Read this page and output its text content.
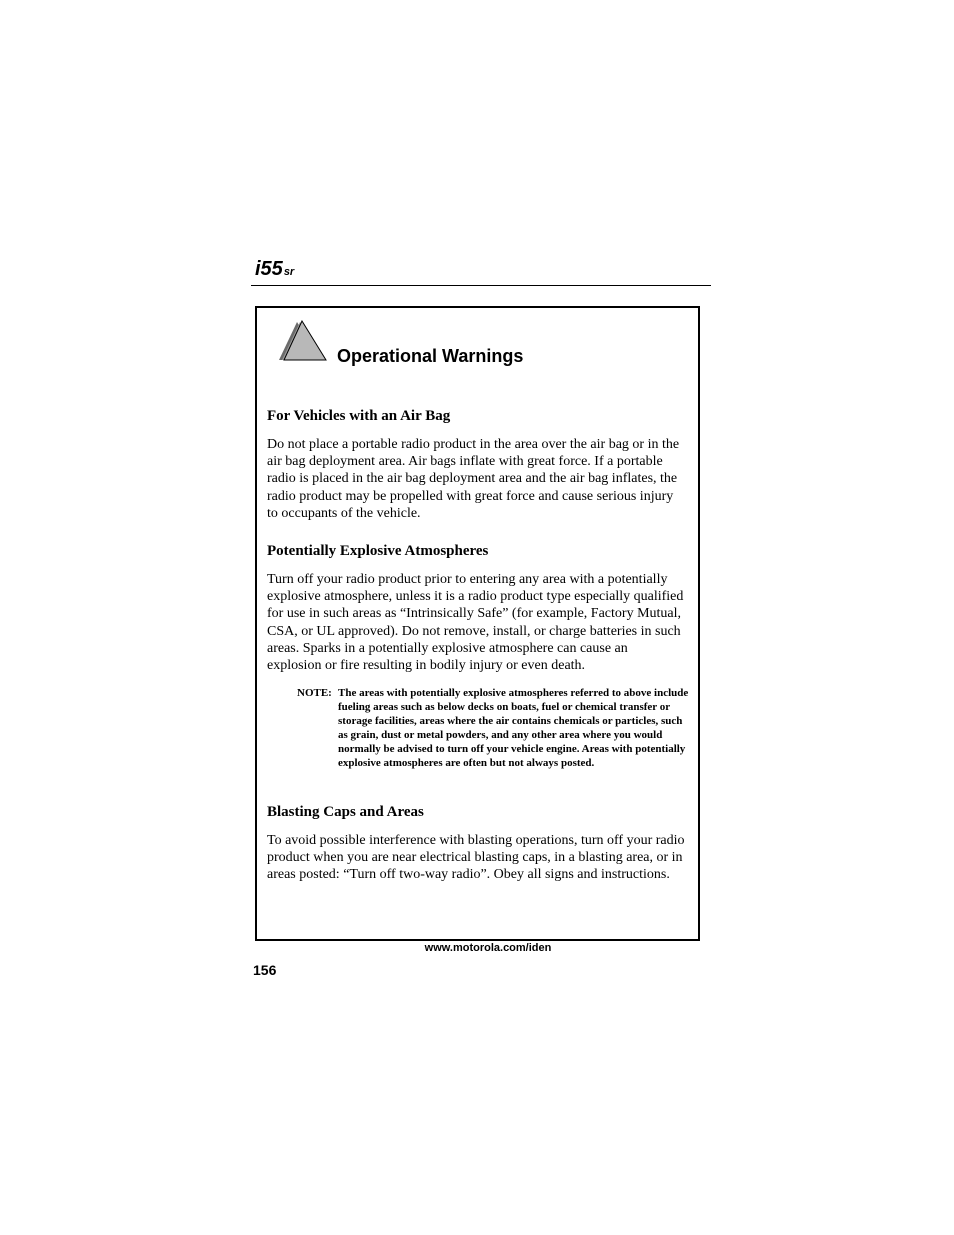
i55sr
Operational Warnings
For Vehicles with an Air Bag

Do not place a portable radio product in the area over the air bag or in the air bag deployment area. Air bags inflate with great force. If a portable radio is placed in the air bag deployment area and the air bag inflates, the radio product may be propelled with great force and cause serious injury to occupants of the vehicle.

Potentially Explosive Atmospheres

Turn off your radio product prior to entering any area with a potentially explosive atmosphere, unless it is a radio product type especially qualified for use in such areas as “Intrinsically Safe” (for example, Factory Mutual, CSA, or UL approved). Do not remove, install, or charge batteries in such areas. Sparks in a potentially explosive atmosphere can cause an explosion or fire resulting in bodily injury or even death.

NOTE: The areas with potentially explosive atmospheres referred to above include fueling areas such as below decks on boats, fuel or chemical transfer or storage facilities, areas where the air contains chemicals or particles, such as grain, dust or metal powders, and any other area where you would normally be advised to turn off your vehicle engine. Areas with potentially explosive atmospheres are often but not always posted.
Blasting Caps and Areas

To avoid possible interference with blasting operations, turn off your radio product when you are near electrical blasting caps, in a blasting area, or in areas posted: “Turn off two-way radio”. Obey all signs and instructions.

www.motorola.com/iden
156
